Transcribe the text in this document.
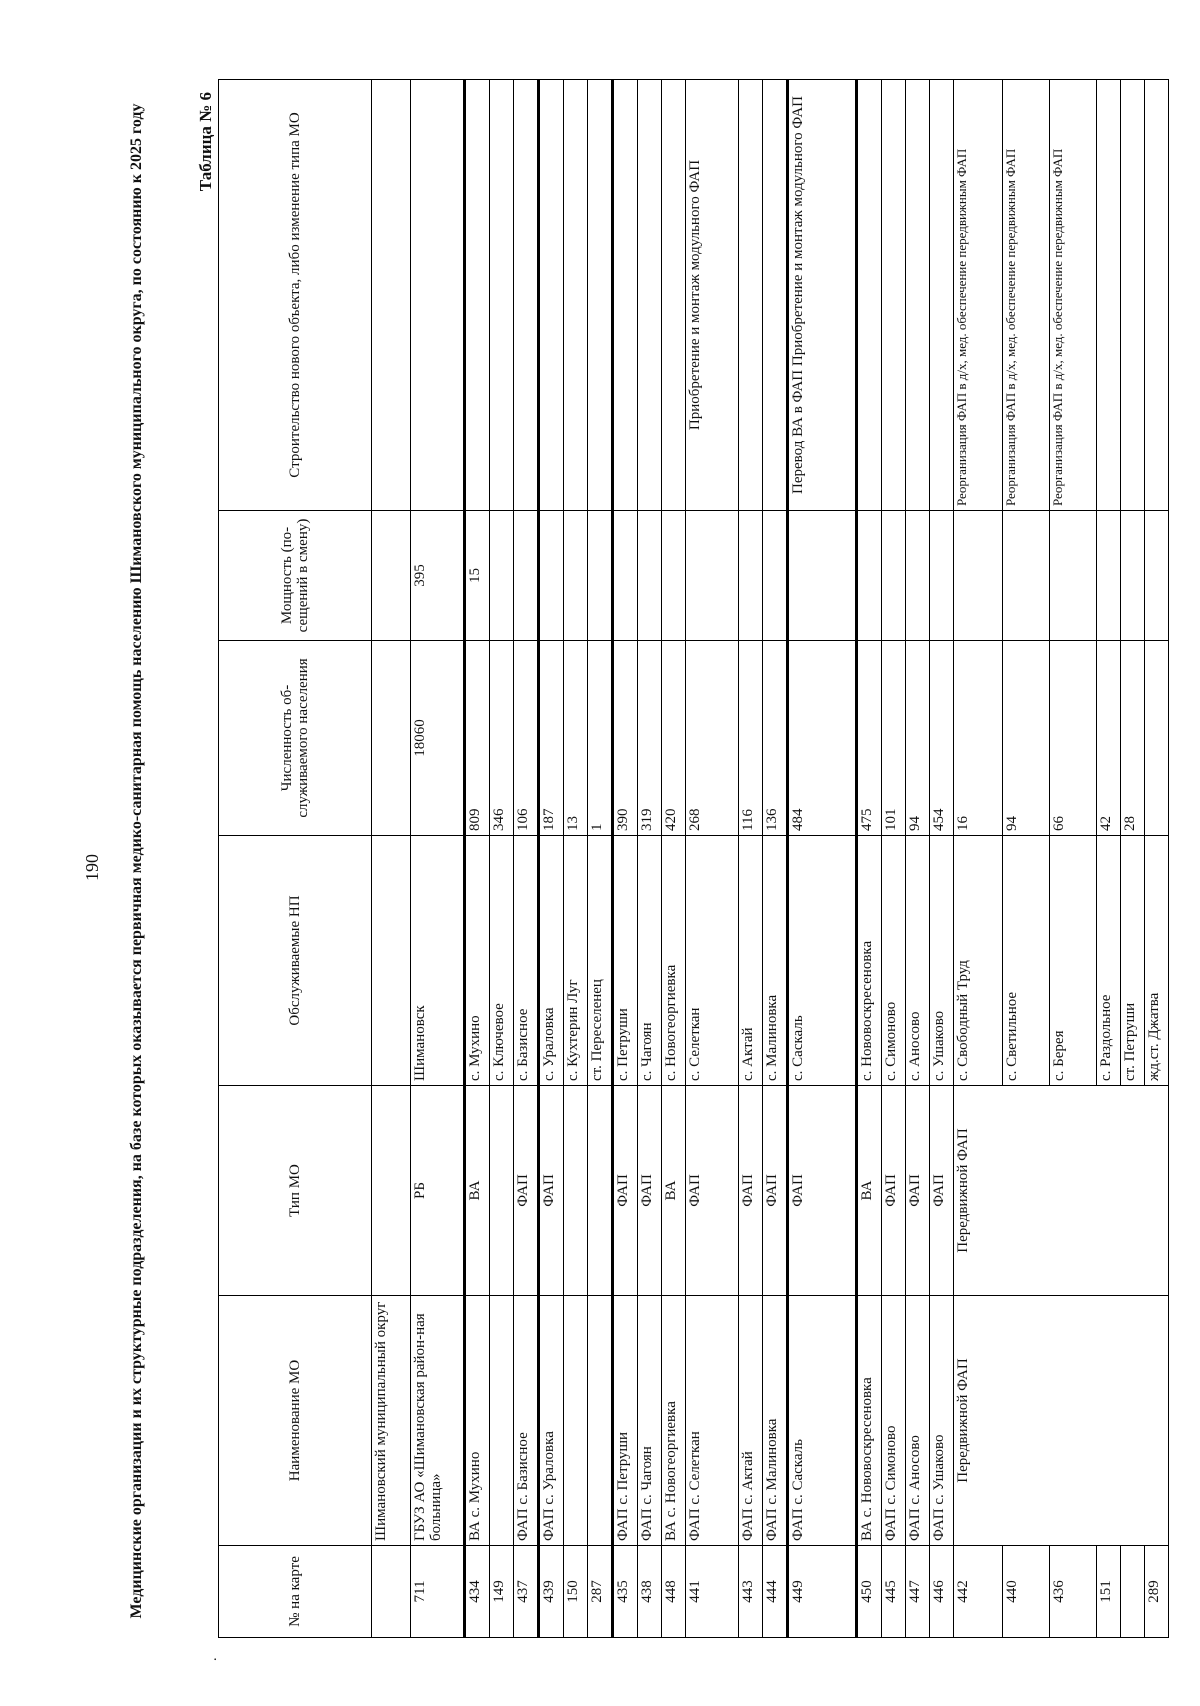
190
.
Медицинские организации и их структурные подразделения, на базе которых оказывается первичная медико-санитарная помощь населению Шимановского муниципального округа, по состоянию к 2025 году	Таблица № 6
№ на карте	Наименование МО	Тип МО	Обслуживаемые НП	Численность об-служиваемого населения	Мощность (по-сещений в смену)	Строительство нового объекта, либо изменение типа МО
	Шимановский муниципальный округ					
711	ГБУЗ АО «Шимановская район-ная больница»	РБ	Шимановск	18060	395	
434	ВА с. Мухино	ВА	с. Мухино	809	15	
149			с. Ключевое	346		
437	ФАП с. Базисное	ФАП	с. Базисное	106		
439	ФАП с. Ураловка	ФАП	с. Ураловка	187		
150			с. Кухтерин Луг	13		
287			ст. Переселенец	1		
435	ФАП с. Петруши	ФАП	с. Петруши	390		
438	ФАП с. Чагоян	ФАП	с. Чагоян	319		
448	ВА с. Новогеоргиевка	ВА	с. Новогеоргиевка	420		
441	ФАП с. Селеткан	ФАП	с. Селеткан	268		Приобретение и монтаж модульного ФАП
443	ФАП с. Актай	ФАП	с. Актай	116		
444	ФАП с. Малиновка	ФАП	с. Малиновка	136		
449	ФАП с. Саскаль	ФАП	с. Саскаль	484		Перевод ВА в ФАП Приобретение и монтаж модульного ФАП
450	ВА с. Нововоскресеновка	ВА	с. Нововоскресеновка	475		
445	ФАП с. Симоново	ФАП	с. Симоново	101		
447	ФАП с. Аносово	ФАП	с. Аносово	94		
446	ФАП с. Ушаково	ФАП	с. Ушаково	454		
442	Передвижной ФАП	Передвижной ФАП	с. Свободный Труд	16		Реорганизация ФАП в д/х, мед. обеспечение передвижным ФАП
440			с. Светильное	94		Реорганизация ФАП в д/х, мед. обеспечение передвижным ФАП
436			с. Берея	66		Реорганизация ФАП в д/х, мед. обеспечение передвижным ФАП
151			с. Раздольное	42		
			ст. Петруши	28		
289			жд.ст. Джатва			
